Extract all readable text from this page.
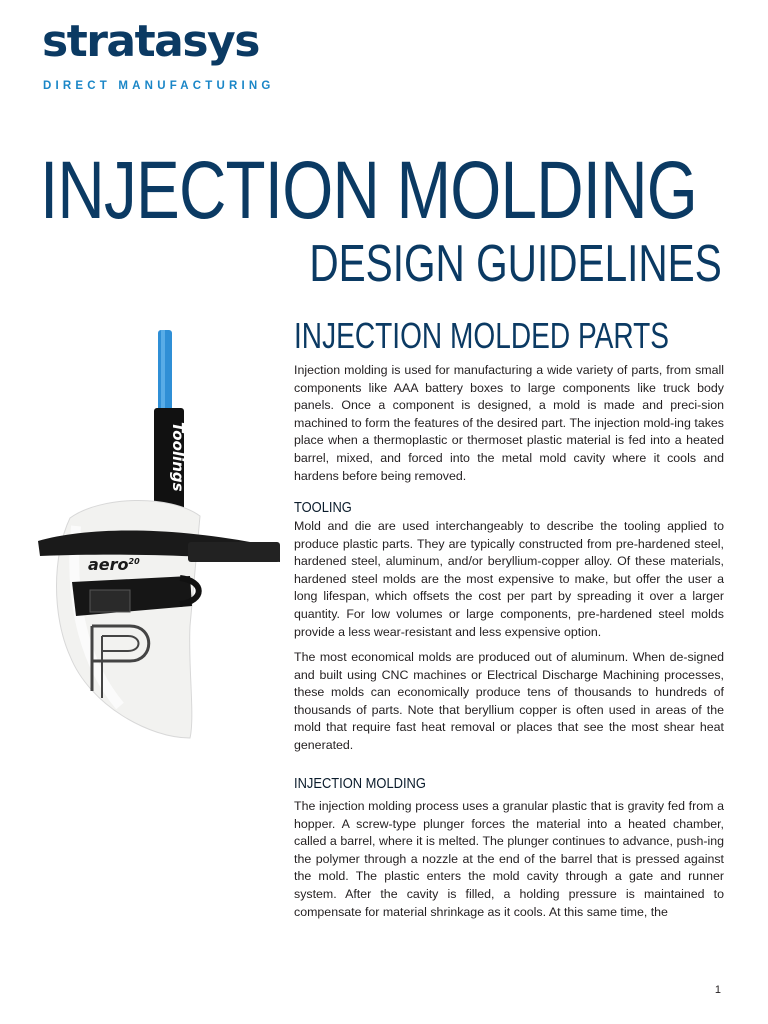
stratasys
DIRECT MANUFACTURING
INJECTION MOLDING
DESIGN GUIDELINES
Toolings
aero$^{20}$
INJECTION MOLDED PARTS
Injection molding is used for manufacturing a wide variety of parts, from small components like AAA battery boxes to large components like truck body panels. Once a component is designed, a mold is made and preci-sion machined to form the features of the desired part. The injection mold-ing takes place when a thermoplastic or thermoset plastic material is fed into a heated barrel, mixed, and forced into the metal mold cavity where it cools and hardens before being removed.
TOOLING
Mold and die are used interchangeably to describe the tooling applied to produce plastic parts. They are typically constructed from pre-hardened steel, hardened steel, aluminum, and/or beryllium-copper alloy. Of these materials, hardened steel molds are the most expensive to make, but offer the user a long lifespan, which offsets the cost per part by spreading it over a larger quantity. For low volumes or large components, pre-hardened steel molds provide a less wear-resistant and less expensive option.
The most economical molds are produced out of aluminum. When de-signed and built using CNC machines or Electrical Discharge Machining processes, these molds can economically produce tens of thousands to hundreds of thousands of parts. Note that beryllium copper is often used in areas of the mold that require fast heat removal or places that see the most shear heat generated.
INJECTION MOLDING
The injection molding process uses a granular plastic that is gravity fed from a hopper. A screw-type plunger forces the material into a heated chamber, called a barrel, where it is melted. The plunger continues to advance, push-ing the polymer through a nozzle at the end of the barrel that is pressed against the mold. The plastic enters the mold cavity through a gate and runner system. After the cavity is filled, a holding pressure is maintained to compensate for material shrinkage as it cools. At this same time, the
1
